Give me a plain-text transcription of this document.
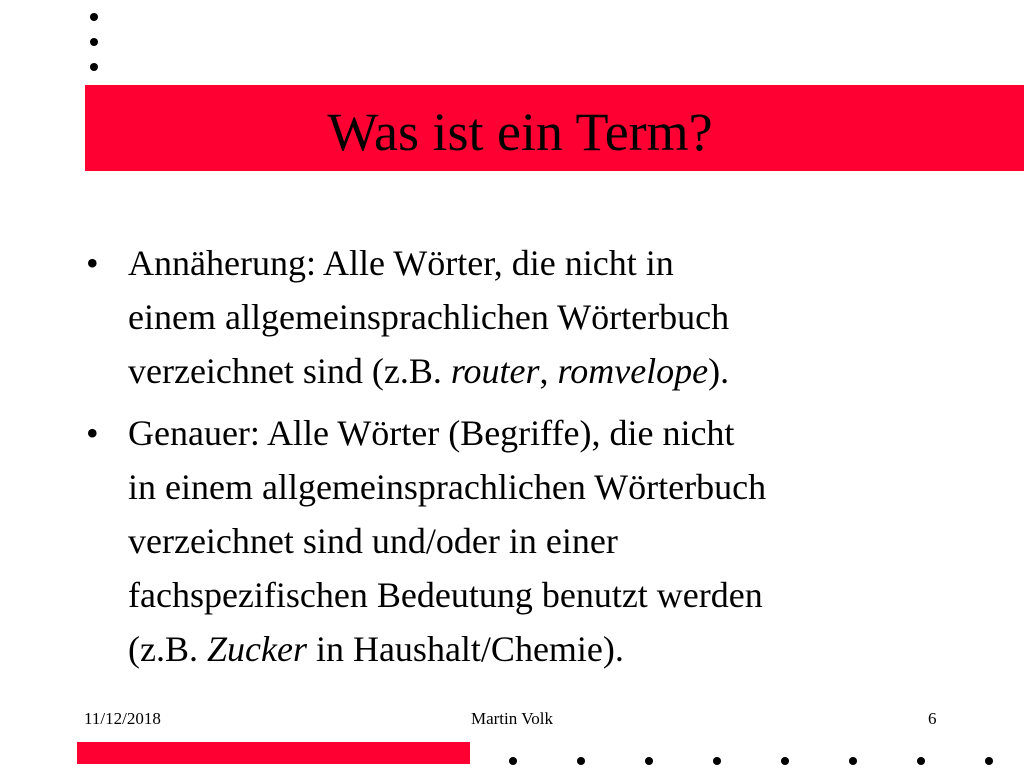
Was ist ein Term?
• Annäherung: Alle Wörter, die nicht in
einem allgemeinsprachlichen Wörterbuch
verzeichnet sind (z.B. router, romvelope).
• Genauer: Alle Wörter (Begriffe), die nicht
in einem allgemeinsprachlichen Wörterbuch
verzeichnet sind und/oder in einer
fachspezifischen Bedeutung benutzt werden
(z.B. Zucker in Haushalt/Chemie).
11/12/2018	Martin Volk	6
